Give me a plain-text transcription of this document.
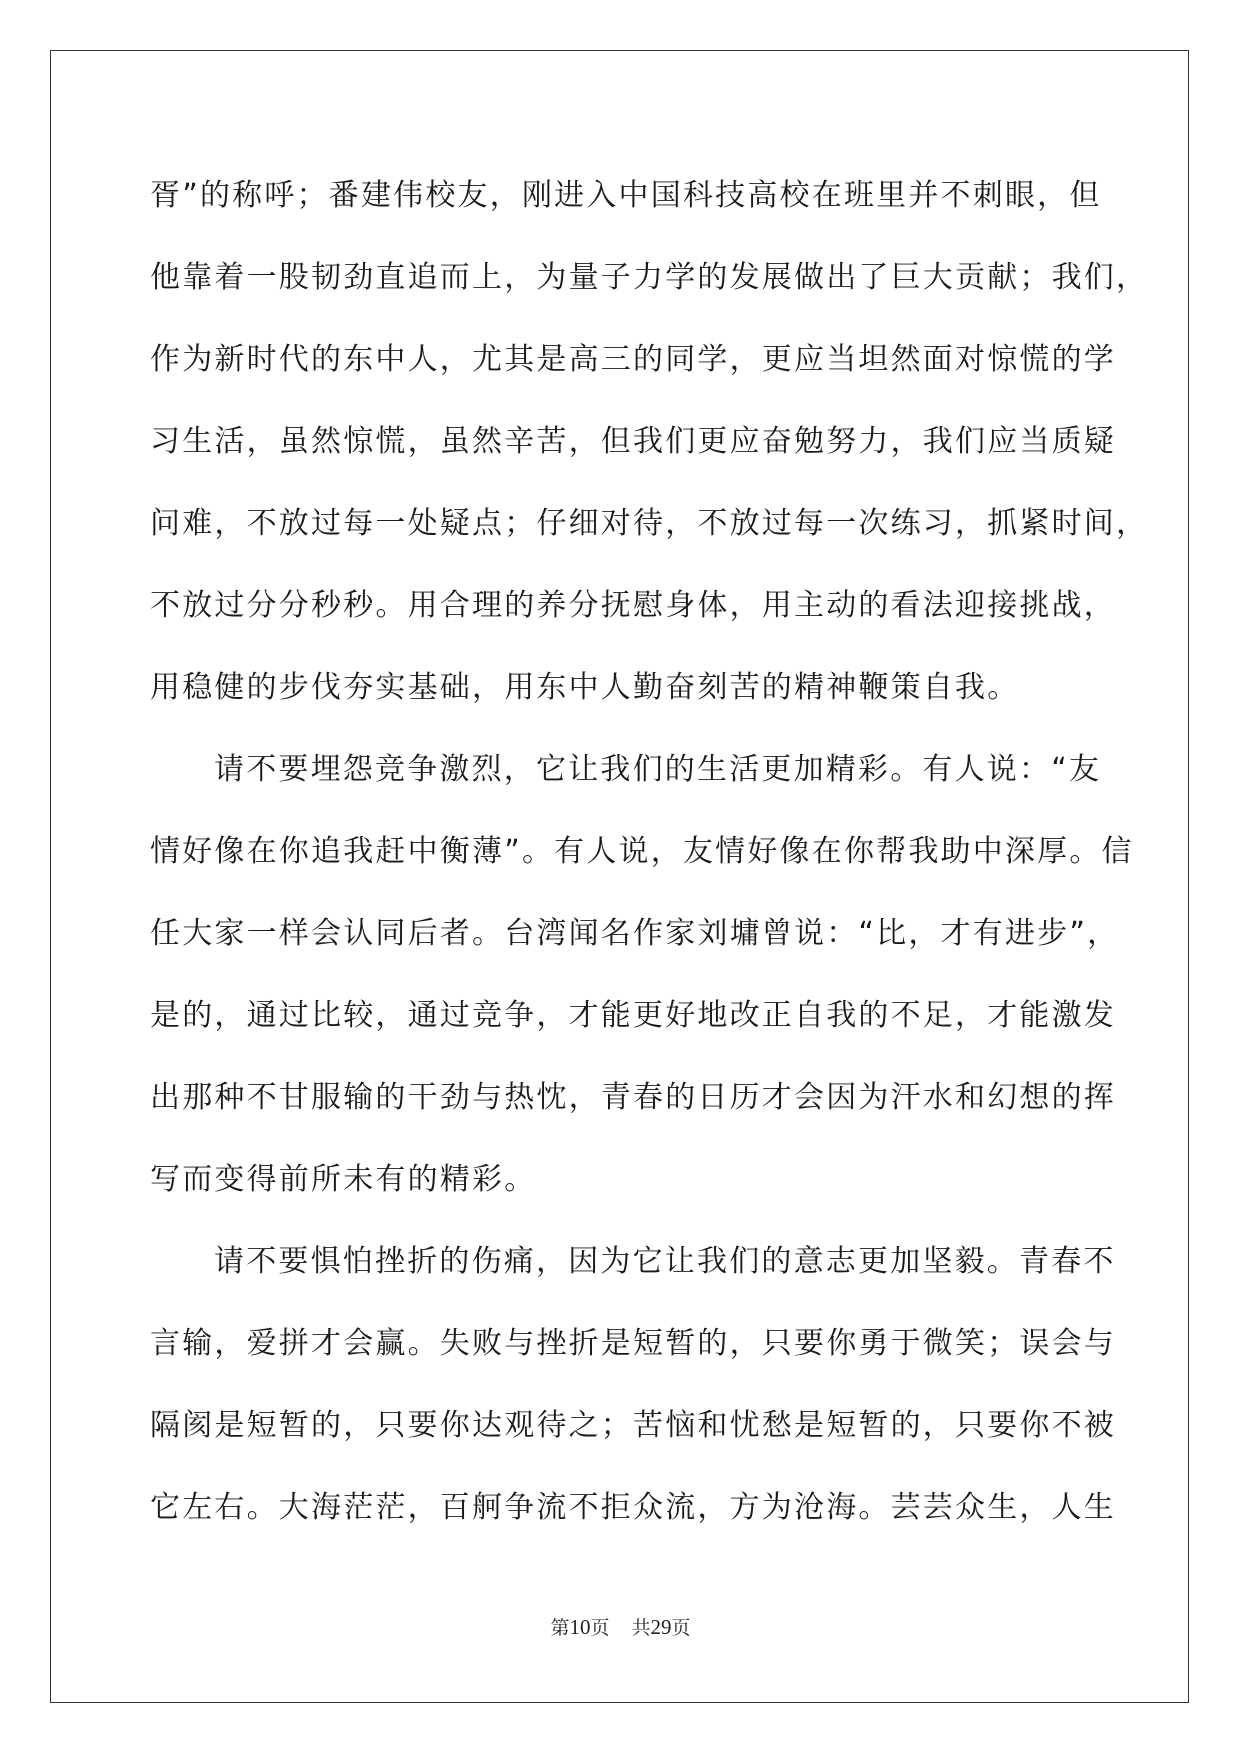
胥”的称呼；番建伟校友，刚进入中国科技高校在班里并不刺眼，但
他靠着一股韧劲直追而上，为量子力学的发展做出了巨大贡献；我们，
作为新时代的东中人，尤其是高三的同学，更应当坦然面对惊慌的学
习生活，虽然惊慌，虽然辛苦，但我们更应奋勉努力，我们应当质疑
问难，不放过每一处疑点；仔细对待，不放过每一次练习，抓紧时间，
不放过分分秒秒。用合理的养分抚慰身体，用主动的看法迎接挑战，
用稳健的步伐夯实基础，用东中人勤奋刻苦的精神鞭策自我。
请不要埋怨竞争激烈，它让我们的生活更加精彩。有人说：“友
情好像在你追我赶中衡薄”。有人说，友情好像在你帮我助中深厚。信
任大家一样会认同后者。台湾闻名作家刘墉曾说：“比，才有进步”，
是的，通过比较，通过竞争，才能更好地改正自我的不足，才能激发
出那种不甘服输的干劲与热忱，青春的日历才会因为汗水和幻想的挥
写而变得前所未有的精彩。
请不要惧怕挫折的伤痛，因为它让我们的意志更加坚毅。青春不
言输，爱拼才会赢。失败与挫折是短暂的，只要你勇于微笑；误会与
隔阂是短暂的，只要你达观待之；苦恼和忧愁是短暂的，只要你不被
它左右。大海茫茫，百舸争流不拒众流，方为沧海。芸芸众生，人生
第10页 共29页
